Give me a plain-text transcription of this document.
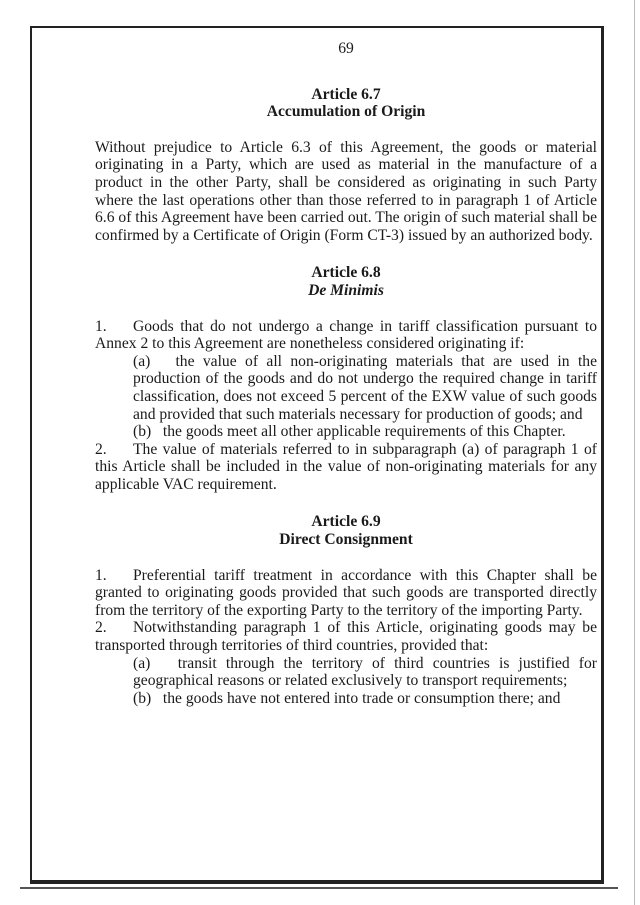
69

Article 6.7

Accumulation of Origin

Without prejudice to Article 6.3 of this Agreement, the goods or material originating in a Party, which are used as material in the manufacture of a product in the other Party, shall be considered as originating in such Party where the last operations other than those referred to in paragraph 1 of Article 6.6 of this Agreement have been carried out. The origin of such material shall be confirmed by a Certificate of Origin (Form CT-3) issued by an authorized body.

Article 6.8

De Minimis

1. Goods that do not undergo a change in tariff classification pursuant to Annex 2 to this Agreement are nonetheless considered originating if:

(a)   the value of all non-originating materials that are used in the production of the goods and do not undergo the required change in tariff classification, does not exceed 5 percent of the EXW value of such goods and provided that such materials necessary for production of goods; and

(b)   the goods meet all other applicable requirements of this Chapter.

2. The value of materials referred to in subparagraph (a) of paragraph 1 of this Article shall be included in the value of non-originating materials for any applicable VAC requirement.

Article 6.9

Direct Consignment

1. Preferential tariff treatment in accordance with this Chapter shall be granted to originating goods provided that such goods are transported directly from the territory of the exporting Party to the territory of the importing Party.

2. Notwithstanding paragraph 1 of this Article, originating goods may be transported through territories of third countries, provided that:

(a)   transit through the territory of third countries is justified for geographical reasons or related exclusively to transport requirements;

(b)   the goods have not entered into trade or consumption there; and
